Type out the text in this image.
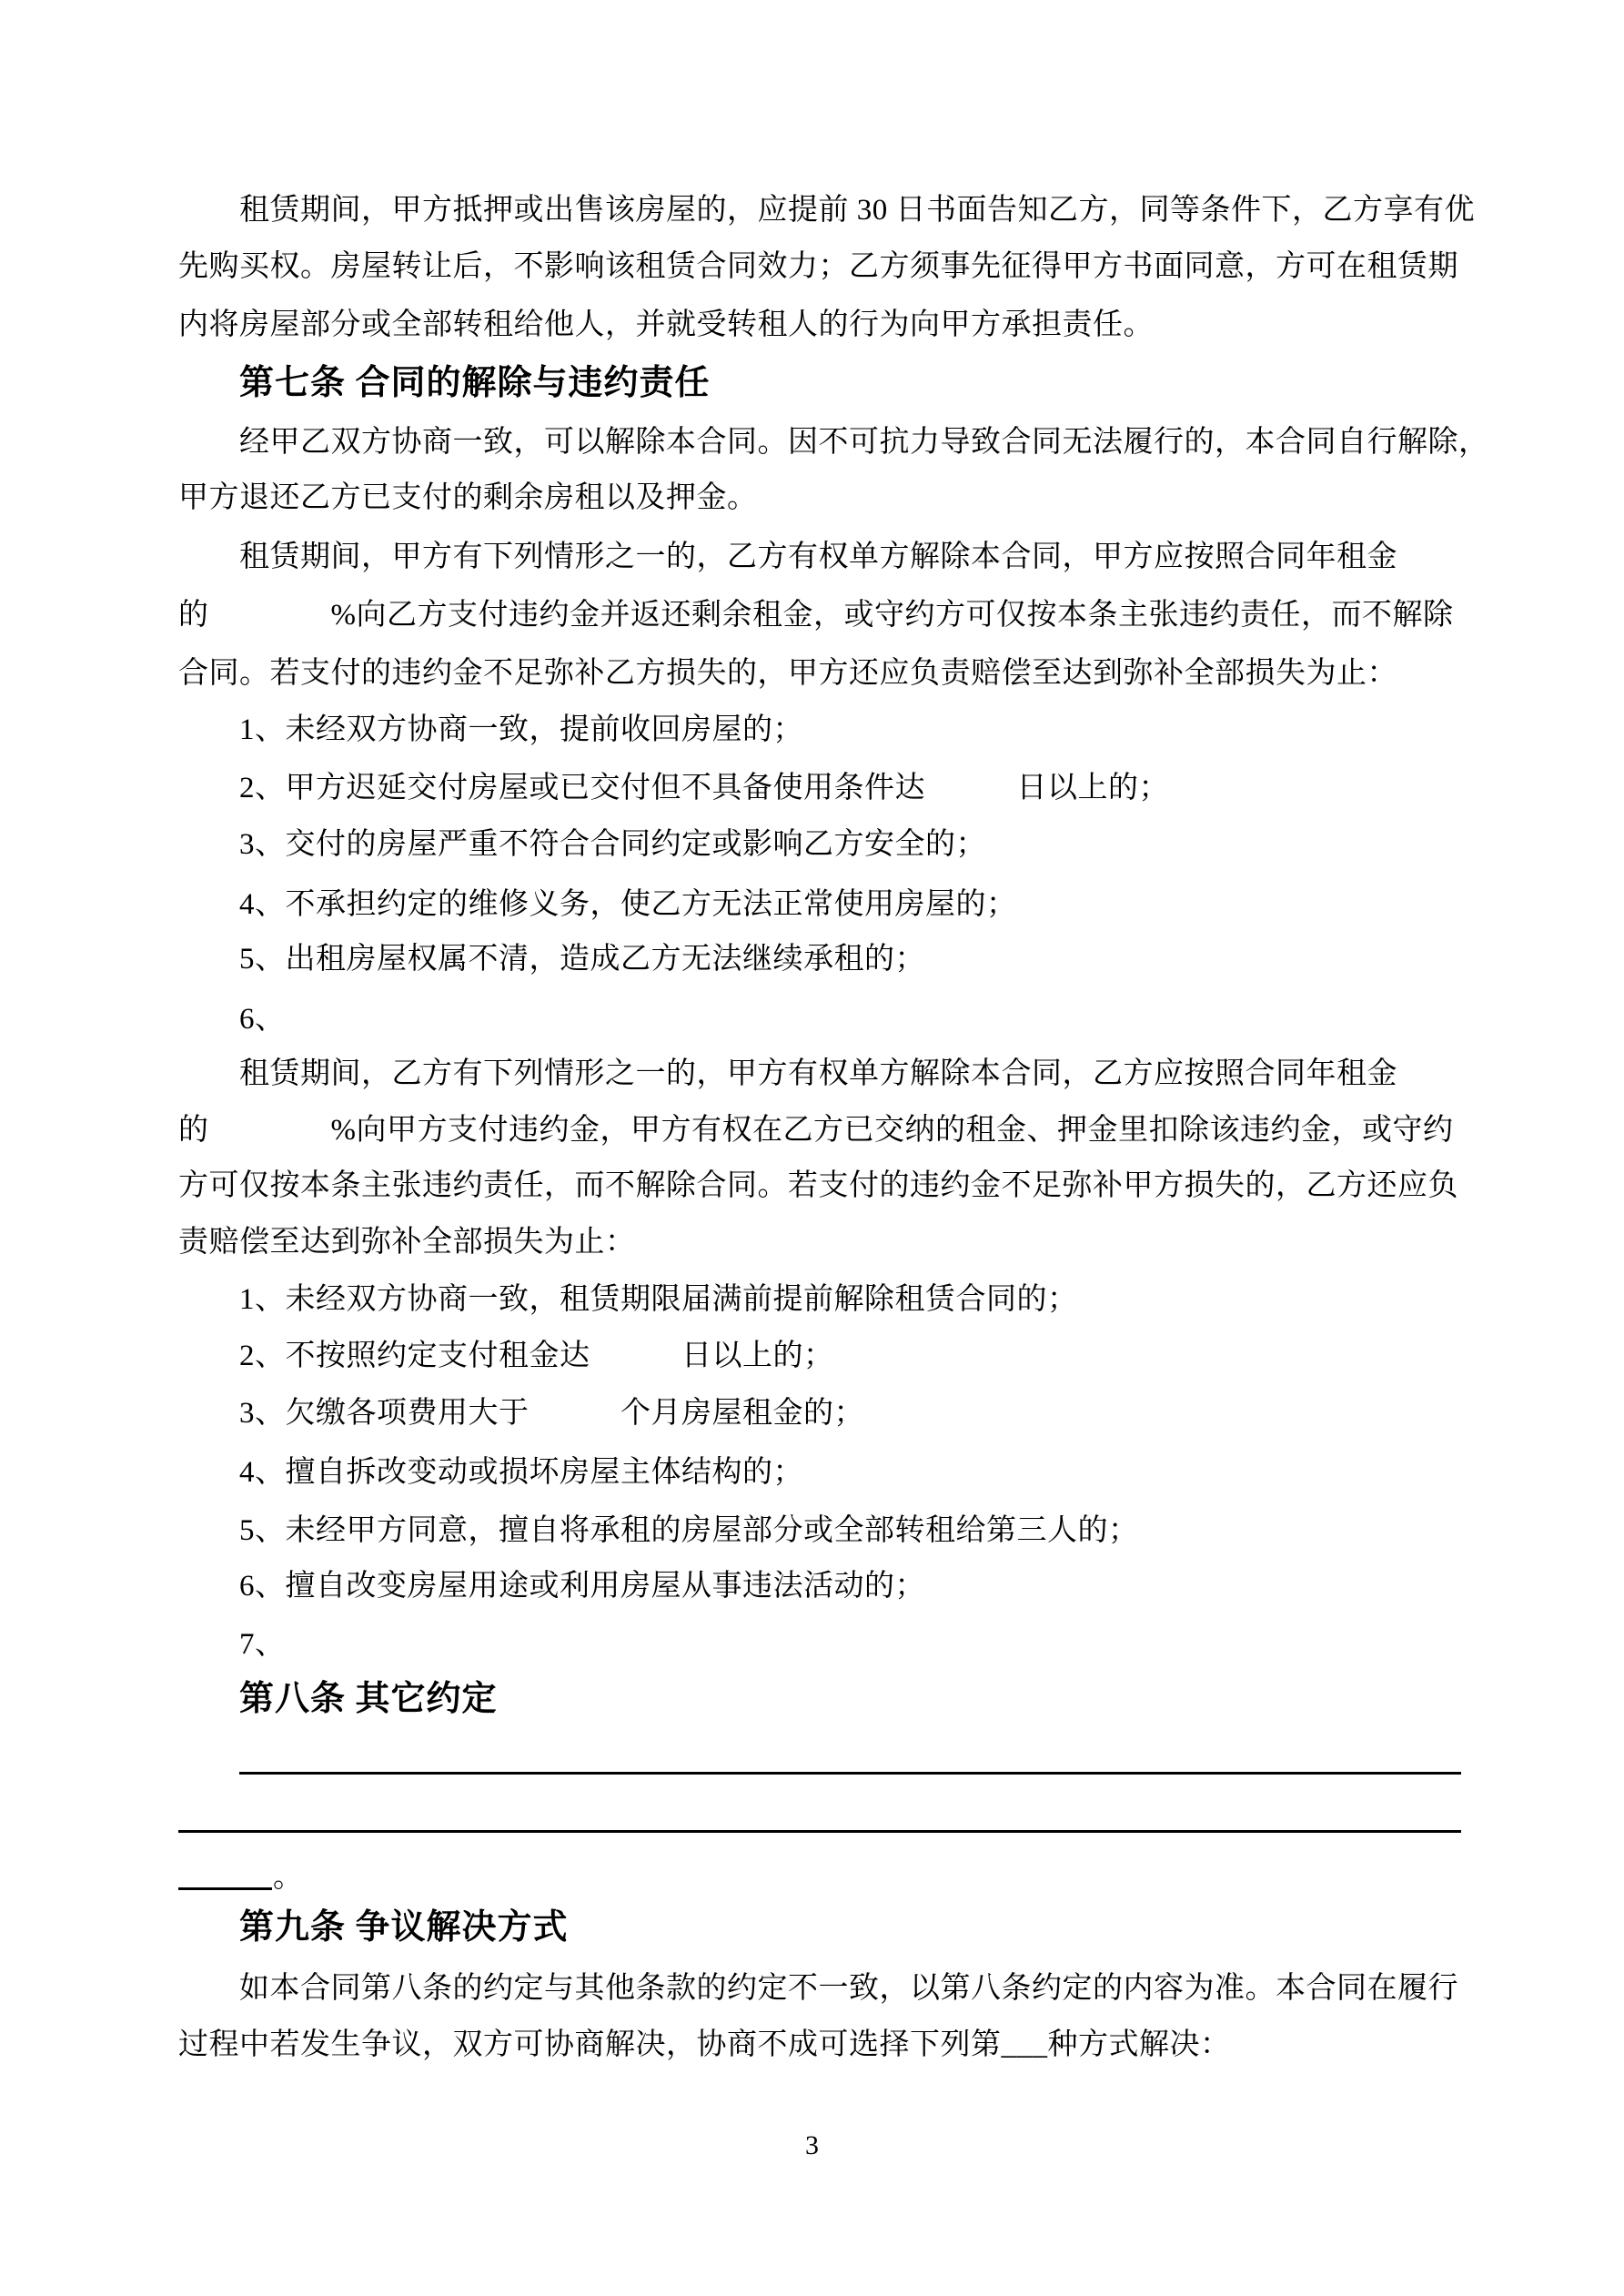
租赁期间，甲方抵押或出售该房屋的，应提前 30 日书面告知乙方，同等条件下，乙方享有优
先购买权。房屋转让后，不影响该租赁合同效力；乙方须事先征得甲方书面同意，方可在租赁期
内将房屋部分或全部转租给他人，并就受转租人的行为向甲方承担责任。
第七条 合同的解除与违约责任
经甲乙双方协商一致，可以解除本合同。因不可抗力导致合同无法履行的，本合同自行解除，
甲方退还乙方已支付的剩余房租以及押金。
租赁期间，甲方有下列情形之一的，乙方有权单方解除本合同，甲方应按照合同年租金
的　　　　%向乙方支付违约金并返还剩余租金，或守约方可仅按本条主张违约责任，而不解除
合同。若支付的违约金不足弥补乙方损失的，甲方还应负责赔偿至达到弥补全部损失为止：
1、未经双方协商一致，提前收回房屋的；
2、甲方迟延交付房屋或已交付但不具备使用条件达　　　日以上的；
3、交付的房屋严重不符合合同约定或影响乙方安全的；
4、不承担约定的维修义务，使乙方无法正常使用房屋的；
5、出租房屋权属不清，造成乙方无法继续承租的；
6、
租赁期间，乙方有下列情形之一的，甲方有权单方解除本合同，乙方应按照合同年租金
的　　　　%向甲方支付违约金，甲方有权在乙方已交纳的租金、押金里扣除该违约金，或守约
方可仅按本条主张违约责任，而不解除合同。若支付的违约金不足弥补甲方损失的，乙方还应负
责赔偿至达到弥补全部损失为止：
1、未经双方协商一致，租赁期限届满前提前解除租赁合同的；
2、不按照约定支付租金达　　　日以上的；
3、欠缴各项费用大于　　　个月房屋租金的；
4、擅自拆改变动或损坏房屋主体结构的；
5、未经甲方同意，擅自将承租的房屋部分或全部转租给第三人的；
6、擅自改变房屋用途或利用房屋从事违法活动的；
7、
第八条 其它约定
。
第九条 争议解决方式
如本合同第八条的约定与其他条款的约定不一致，以第八条约定的内容为准。本合同在履行
过程中若发生争议，双方可协商解决，协商不成可选择下列第___种方式解决：
3
